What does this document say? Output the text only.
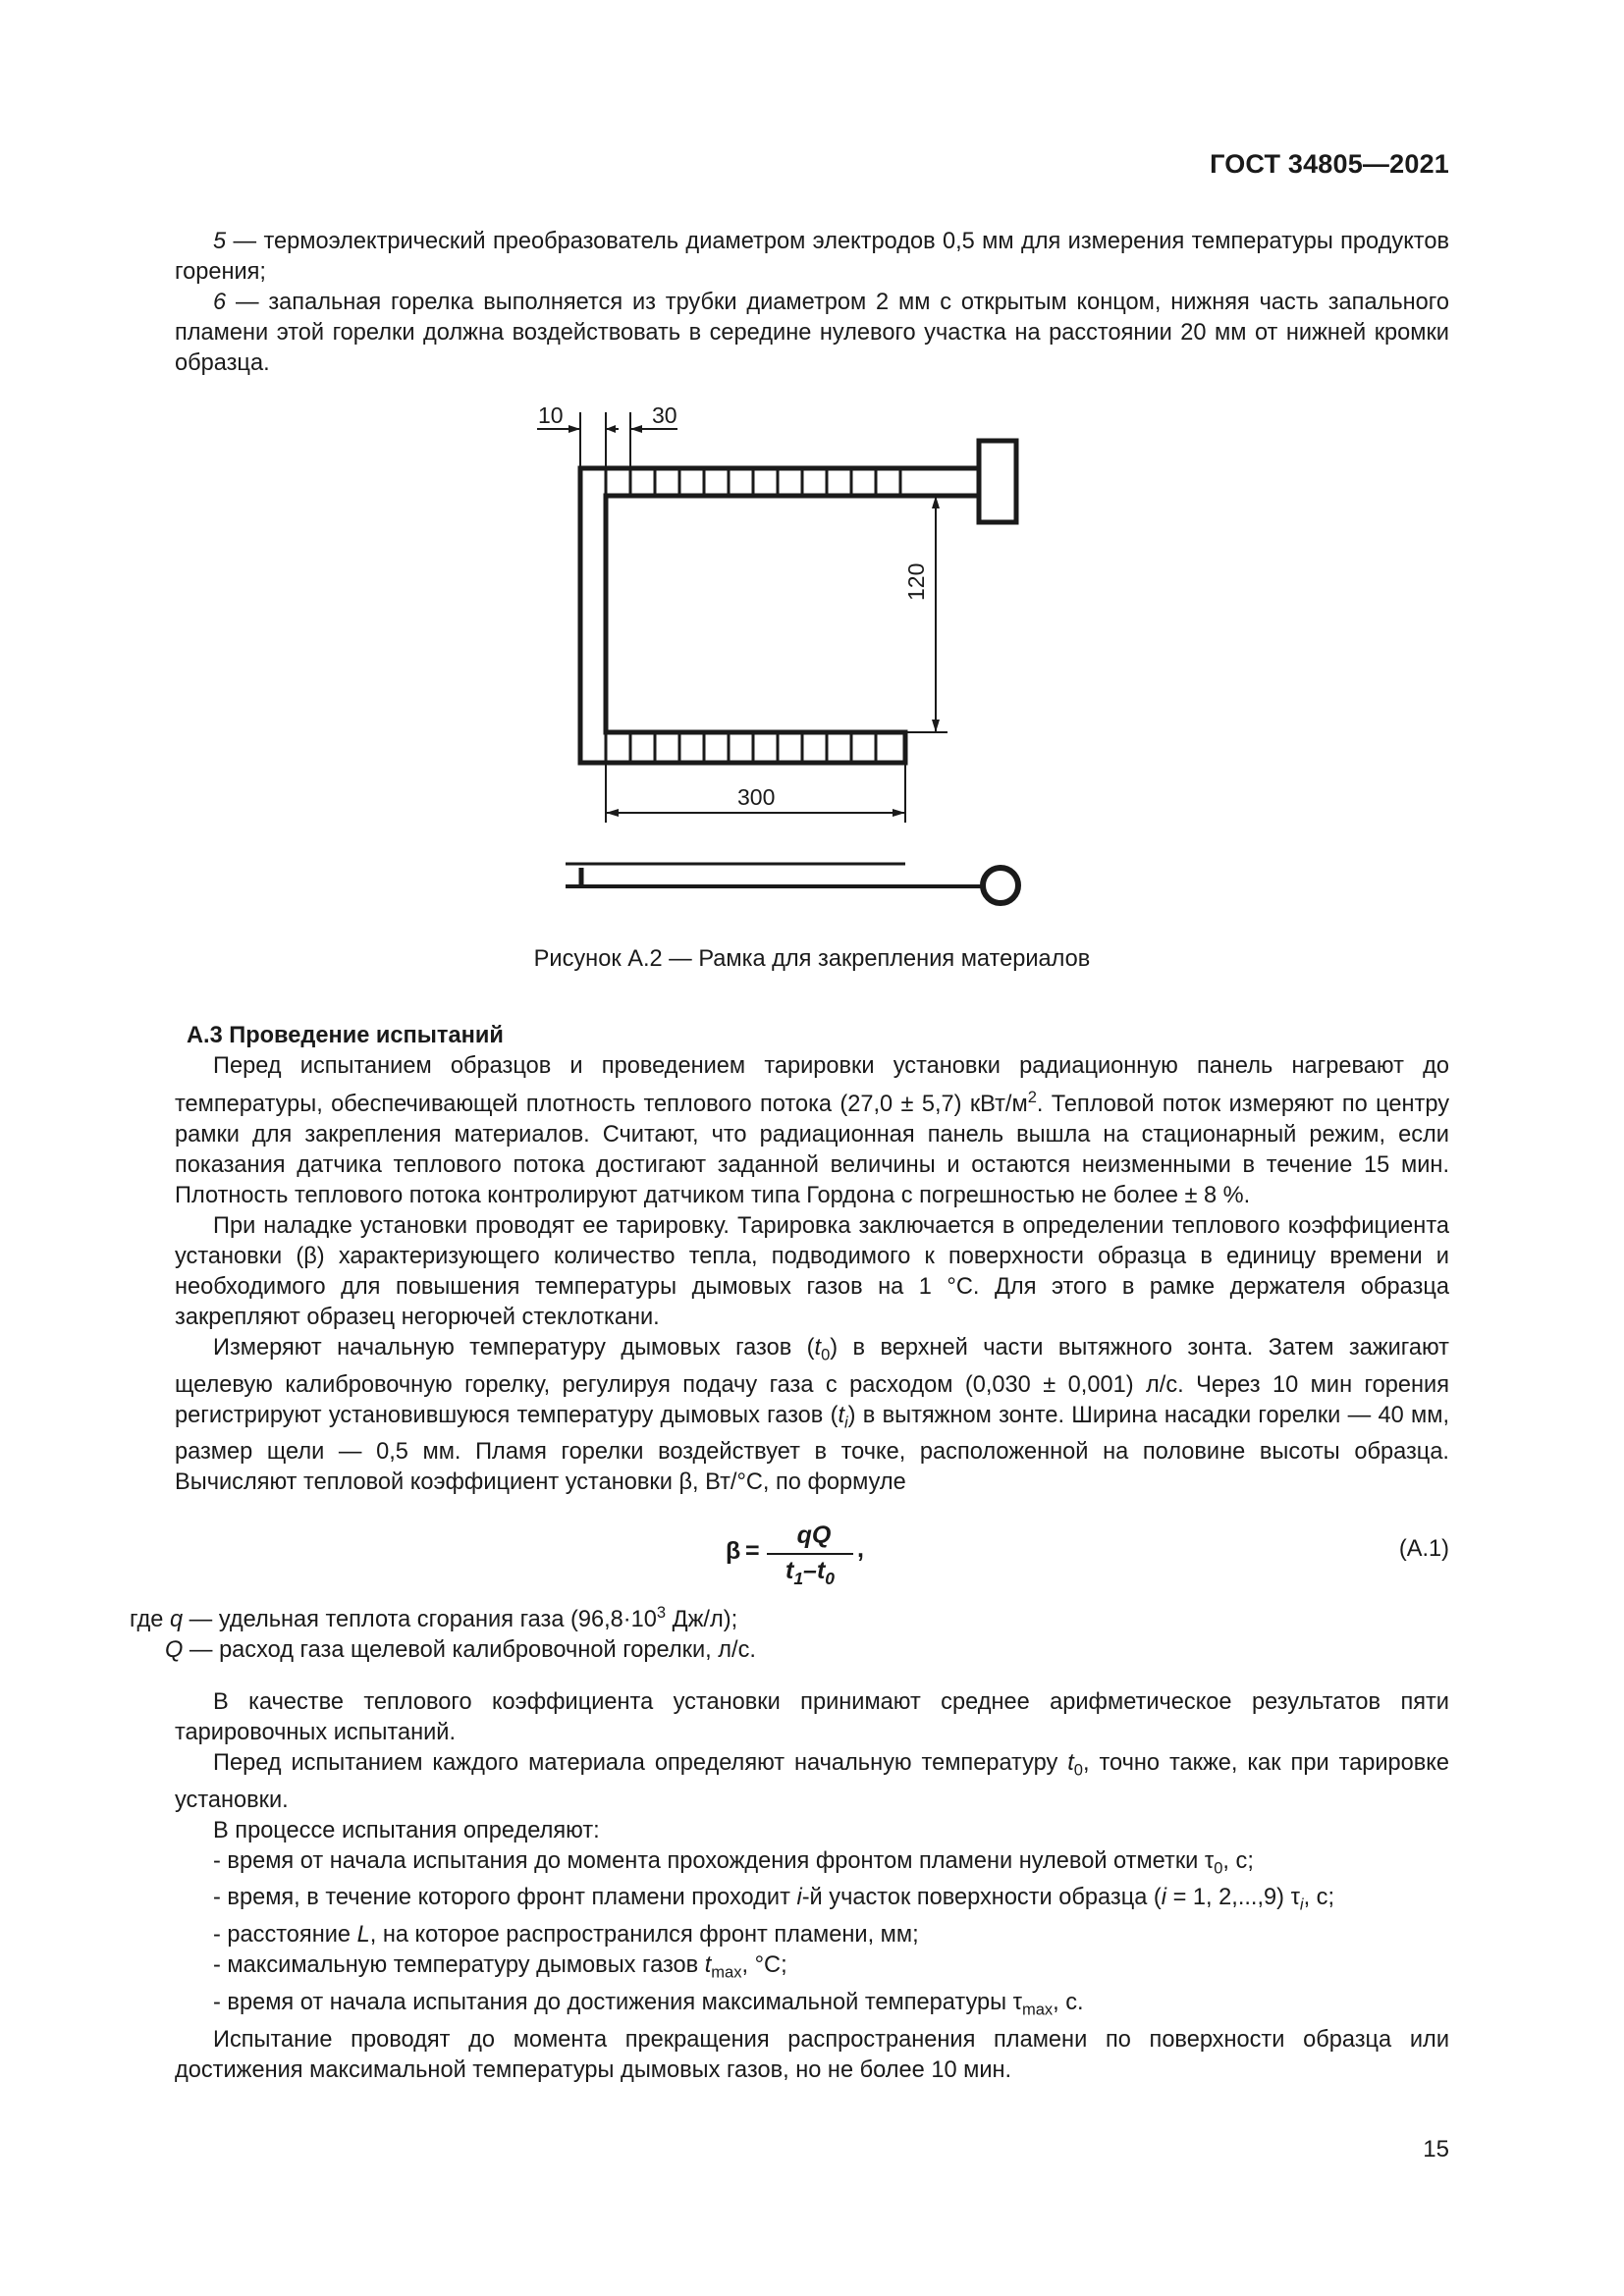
ГОСТ 34805—2021

5 — термоэлектрический преобразователь диаметром электродов 0,5 мм для измерения температуры продуктов горения;

6 — запальная горелка выполняется из трубки диаметром 2 мм с открытым концом, нижняя часть запального пламени этой горелки должна воздействовать в середине нулевого участка на расстоянии 20 мм от нижней кромки образца.

10	30
120
300
Рисунок А.2 — Рамка для закрепления материалов

А.3 Проведение испытаний

Перед испытанием образцов и проведением тарировки установки радиационную панель нагревают до температуры, обеспечивающей плотность теплового потока (27,0 ± 5,7) кВт/$м^2$. Тепловой поток измеряют по центру рамки для закрепления материалов. Считают, что радиационная панель вышла на стационарный режим, если показания датчика теплового потока достигают заданной величины и остаются неизменными в течение 15 мин. Плотность теплового потока контролируют датчиком типа Гордона с погрешностью не более ± 8 %.

При наладке установки проводят ее тарировку. Тарировка заключается в определении теплового коэффициента установки (β) характеризующего количество тепла, подводимого к поверхности образца в единицу времени и необходимого для повышения температуры дымовых газов на 1 °С. Для этого в рамке держателя образца закрепляют образец негорючей стеклоткани.

Измеряют начальную температуру дымовых газов $(t_0)$ в верхней части вытяжного зонта. Затем зажигают щелевую калибровочную горелку, регулируя подачу газа с расходом (0,030 ± 0,001) л/с. Через 10 мин горения регистрируют установившуюся температуру дымовых газов $(t_i)$ в вытяжном зонте. Ширина насадки горелки — 40 мм, размер щели — 0,5 мм. Пламя горелки воздействует в точке, расположенной на половине высоты образца. Вычисляют тепловой коэффициент установки β, Вт/°С, по формуле

β =
qQ
$t_1-t_0$
,	(А.1)
где q — удельная теплота сгорания газа ($96,8\cdot 10^3$ Дж/л);
Q — расход газа щелевой калибровочной горелки, л/с.

В качестве теплового коэффициента установки принимают среднее арифметическое результатов пяти тарировочных испытаний.

Перед испытанием каждого материала определяют начальную температуру $t_0$, точно также, как при тарировке установки.

В процессе испытания определяют:

- время от начала испытания до момента прохождения фронтом пламени нулевой отметки $\tau_0$, с;

- время, в течение которого фронт пламени проходит i-й участок поверхности образца (i = 1, 2,...,9) $\tau_i$, с;

- расстояние L, на которое распространился фронт пламени, мм;

- максимальную температуру дымовых газов $t_{max}$, °С;

- время от начала испытания до достижения максимальной температуры $\tau_{max}$, с.

Испытание проводят до момента прекращения распространения пламени по поверхности образца или достижения максимальной температуры дымовых газов, но не более 10 мин.

15
